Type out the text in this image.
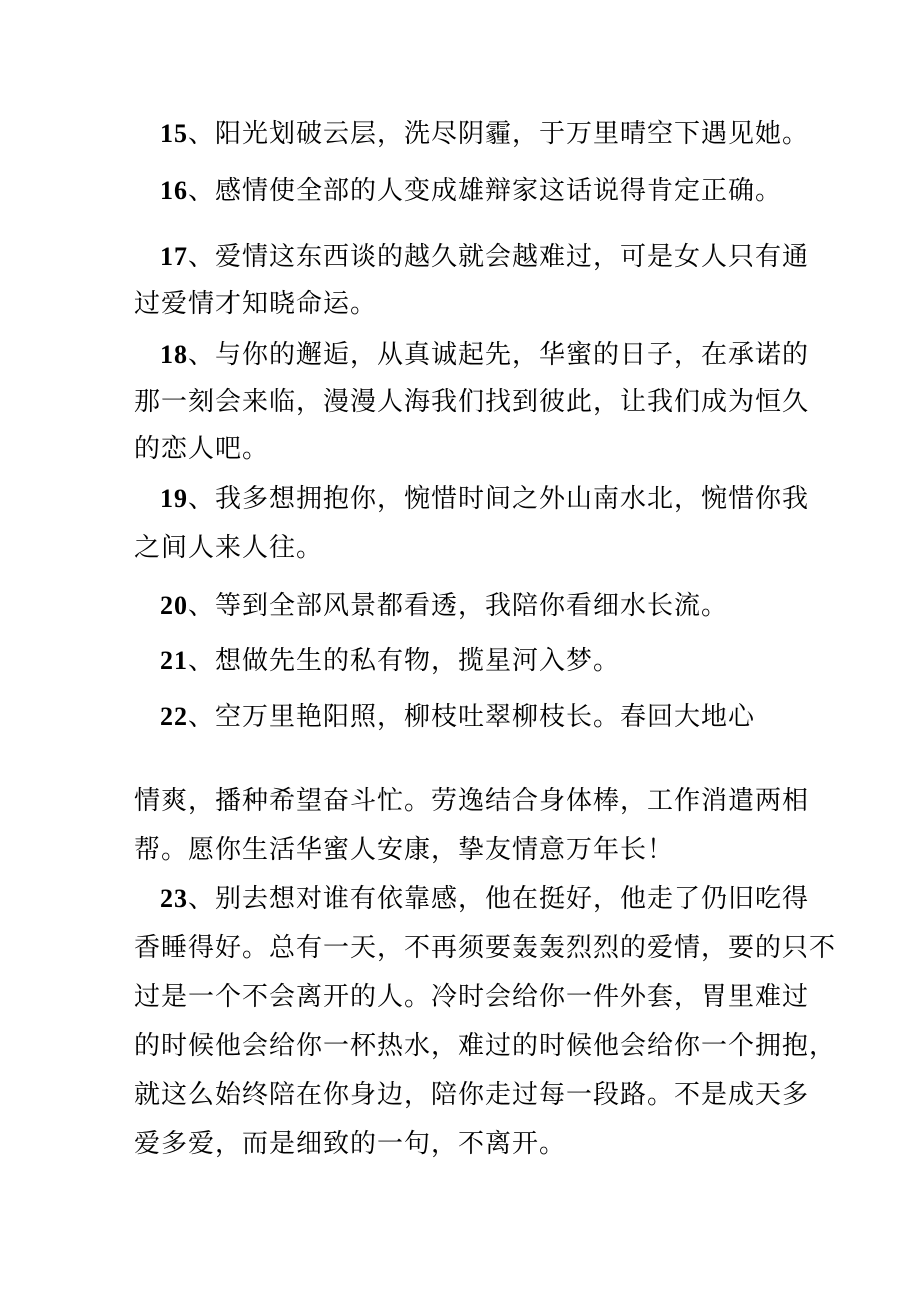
15、阳光划破云层，洗尽阴霾，于万里晴空下遇见她。
16、感情使全部的人变成雄辩家这话说得肯定正确。
17、爱情这东西谈的越久就会越难过，可是女人只有通
过爱情才知晓命运。
18、与你的邂逅，从真诚起先，华蜜的日子，在承诺的
那一刻会来临，漫漫人海我们找到彼此，让我们成为恒久
的恋人吧。
19、我多想拥抱你，惋惜时间之外山南水北，惋惜你我
之间人来人往。
20、等到全部风景都看透，我陪你看细水长流。
21、想做先生的私有物，揽星河入梦。
22、空万里艳阳照，柳枝吐翠柳枝长。春回大地心
情爽，播种希望奋斗忙。劳逸结合身体棒，工作消遣两相
帮。愿你生活华蜜人安康，挚友情意万年长！
23、别去想对谁有依靠感，他在挺好，他走了仍旧吃得
香睡得好。总有一天，不再须要轰轰烈烈的爱情，要的只不
过是一个不会离开的人。冷时会给你一件外套，胃里难过
的时候他会给你一杯热水，难过的时候他会给你一个拥抱，
就这么始终陪在你身边，陪你走过每一段路。不是成天多
爱多爱，而是细致的一句，不离开。
